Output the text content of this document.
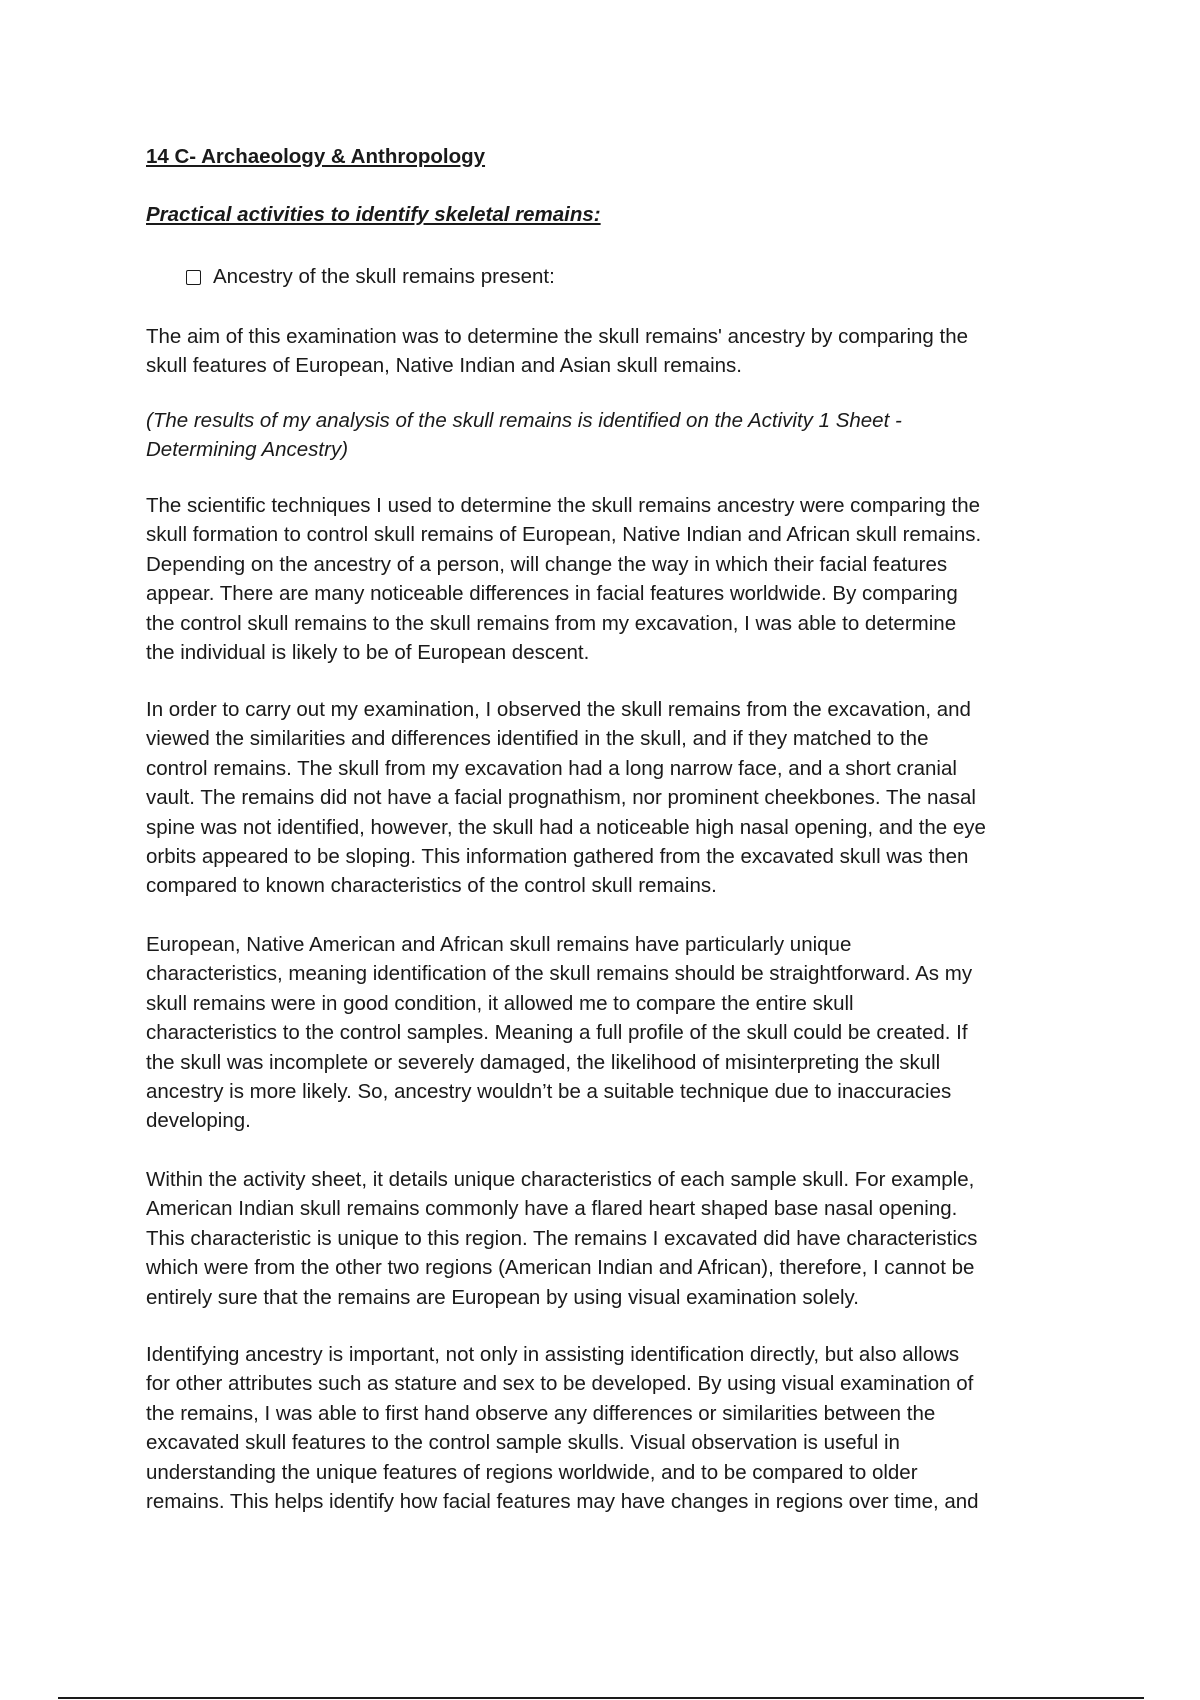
14 C- Archaeology & Anthropology
Practical activities to identify skeletal remains:
Ancestry of the skull remains present:

The aim of this examination was to determine the skull remains' ancestry by comparing the
skull features of European, Native Indian and Asian skull remains.

(The results of my analysis of the skull remains is identified on the Activity 1 Sheet -
Determining Ancestry)

The scientific techniques I used to determine the skull remains ancestry were comparing the
skull formation to control skull remains of European, Native Indian and African skull remains.
Depending on the ancestry of a person, will change the way in which their facial features
appear. There are many noticeable differences in facial features worldwide. By comparing
the control skull remains to the skull remains from my excavation, I was able to determine
the individual is likely to be of European descent.

In order to carry out my examination, I observed the skull remains from the excavation, and
viewed the similarities and differences identified in the skull, and if they matched to the
control remains. The skull from my excavation had a long narrow face, and a short cranial
vault. The remains did not have a facial prognathism, nor prominent cheekbones. The nasal
spine was not identified, however, the skull had a noticeable high nasal opening, and the eye
orbits appeared to be sloping. This information gathered from the excavated skull was then
compared to known characteristics of the control skull remains.

European, Native American and African skull remains have particularly unique
characteristics, meaning identification of the skull remains should be straightforward. As my
skull remains were in good condition, it allowed me to compare the entire skull
characteristics to the control samples. Meaning a full profile of the skull could be created. If
the skull was incomplete or severely damaged, the likelihood of misinterpreting the skull
ancestry is more likely. So, ancestry wouldn’t be a suitable technique due to inaccuracies
developing.

Within the activity sheet, it details unique characteristics of each sample skull. For example,
American Indian skull remains commonly have a flared heart shaped base nasal opening.
This characteristic is unique to this region. The remains I excavated did have characteristics
which were from the other two regions (American Indian and African), therefore, I cannot be
entirely sure that the remains are European by using visual examination solely.

Identifying ancestry is important, not only in assisting identification directly, but also allows
for other attributes such as stature and sex to be developed. By using visual examination of
the remains, I was able to first hand observe any differences or similarities between the
excavated skull features to the control sample skulls. Visual observation is useful in
understanding the unique features of regions worldwide, and to be compared to older
remains. This helps identify how facial features may have changes in regions over time, and
